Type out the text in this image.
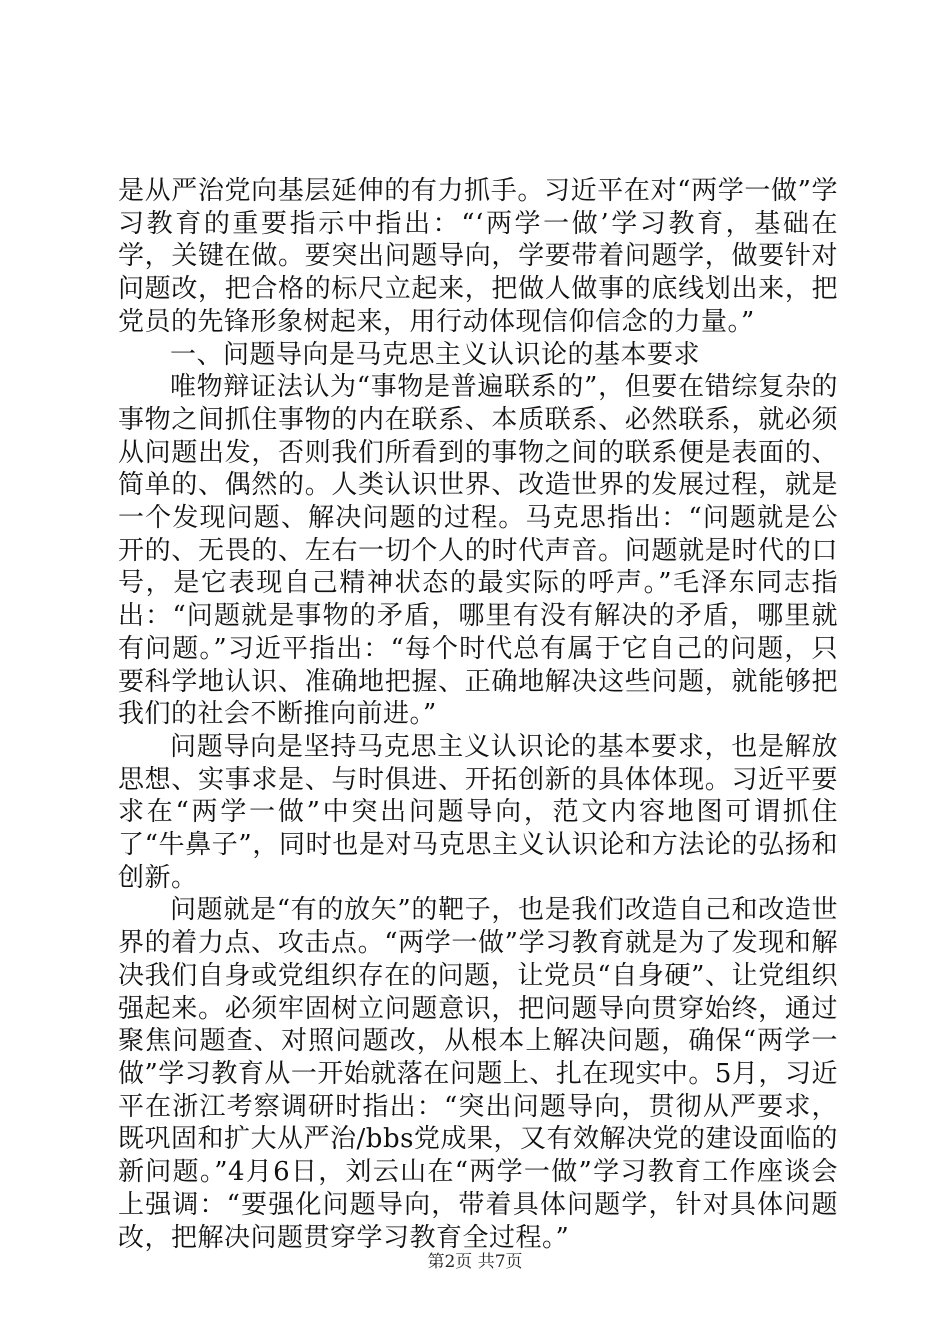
是从严治党向基层延伸的有力抓手。习近平在对“两学一做”学习教育的重要指示中指出：“‘两学一做’学习教育，基础在学，关键在做。要突出问题导向，学要带着问题学，做要针对问题改，把合格的标尺立起来，把做人做事的底线划出来，把党员的先锋形象树起来，用行动体现信仰信念的力量。”

一、问题导向是马克思主义认识论的基本要求

唯物辩证法认为“事物是普遍联系的”，但要在错综复杂的事物之间抓住事物的内在联系、本质联系、必然联系，就必须从问题出发，否则我们所看到的事物之间的联系便是表面的、简单的、偶然的。人类认识世界、改造世界的发展过程，就是一个发现问题、解决问题的过程。马克思指出：“问题就是公开的、无畏的、左右一切个人的时代声音。问题就是时代的口号，是它表现自己精神状态的最实际的呼声。”毛泽东同志指出：“问题就是事物的矛盾，哪里有没有解决的矛盾，哪里就有问题。”习近平指出：“每个时代总有属于它自己的问题，只要科学地认识、准确地把握、正确地解决这些问题，就能够把我们的社会不断推向前进。”

问题导向是坚持马克思主义认识论的基本要求，也是解放思想、实事求是、与时俱进、开拓创新的具体体现。习近平要求在“两学一做”中突出问题导向，范文内容地图可谓抓住了“牛鼻子”，同时也是对马克思主义认识论和方法论的弘扬和创新。

问题就是“有的放矢”的靶子，也是我们改造自己和改造世界的着力点、攻击点。“两学一做”学习教育就是为了发现和解决我们自身或党组织存在的问题，让党员“自身硬”、让党组织强起来。必须牢固树立问题意识，把问题导向贯穿始终，通过聚焦问题查、对照问题改，从根本上解决问题，确保“两学一做”学习教育从一开始就落在问题上、扎在现实中。5月，习近平在浙江考察调研时指出：“突出问题导向，贯彻从严要求，既巩固和扩大从严治/bbs党成果，又有效解决党的建设面临的新问题。”4月6日，刘云山在“两学一做”学习教育工作座谈会上强调：“要强化问题导向，带着具体问题学，针对具体问题改，把解决问题贯穿学习教育全过程。”

第2页 共7页
